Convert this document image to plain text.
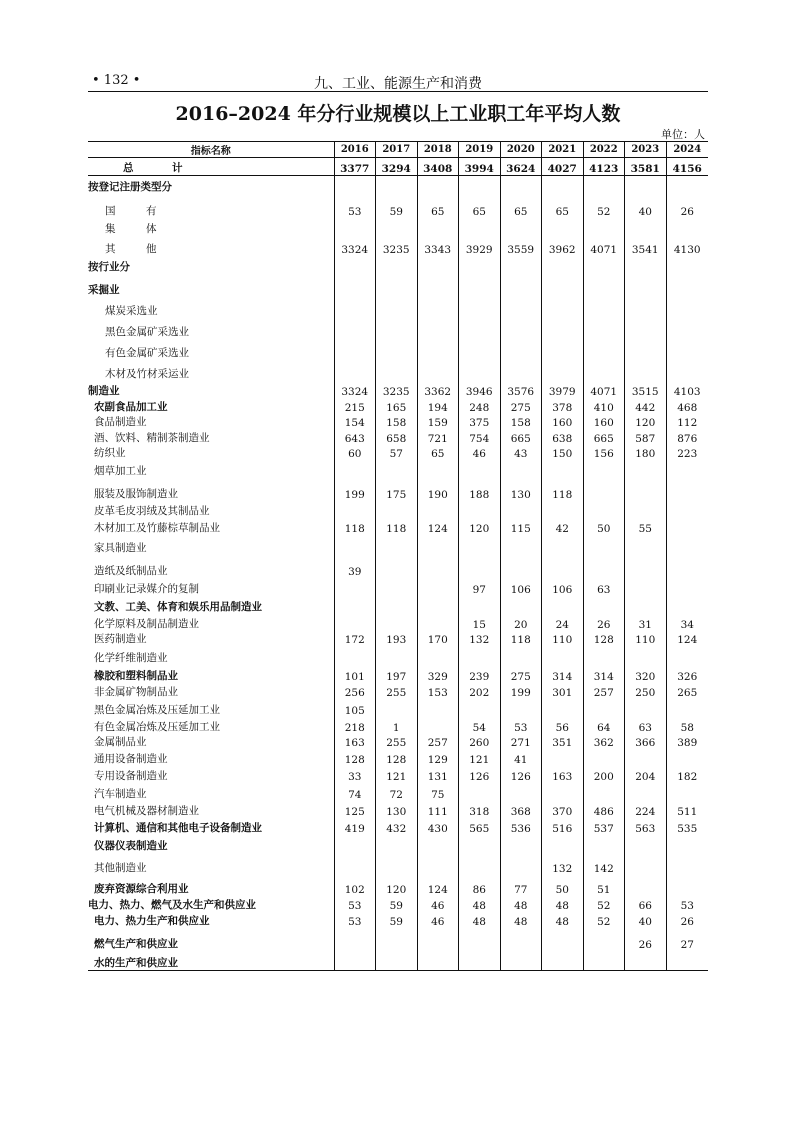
• 132 •	九、工业、能源生产和消费
2016–2024 年分行业规模以上工业职工年平均人数
单位：人
指标名称	2016	2017	2018	2019	2020	2021	2022	2023	2024
总　计	3377	3294	3408	3994	3624	4027	4123	3581	4156
按登记注册类型分									
国　有	53	59	65	65	65	65	52	40	26
集　体									
其　他	3324	3235	3343	3929	3559	3962	4071	3541	4130
按行业分									
采掘业									
煤炭采选业									
黑色金属矿采选业									
有色金属矿采选业									
木材及竹材采运业									
制造业	3324	3235	3362	3946	3576	3979	4071	3515	4103
农副食品加工业	215	165	194	248	275	378	410	442	468
食品制造业	154	158	159	375	158	160	160	120	112
酒、饮料、精制茶制造业	643	658	721	754	665	638	665	587	876
纺织业	60	57	65	46	43	150	156	180	223
烟草加工业									
服装及服饰制造业	199	175	190	188	130	118			
皮革毛皮羽绒及其制品业									
木材加工及竹藤棕草制品业	118	118	124	120	115	42	50	55	
家具制造业									
造纸及纸制品业	39								
印刷业记录媒介的复制				97	106	106	63		
文教、工美、体育和娱乐用品制造业									
化学原料及制品制造业				15	20	24	26	31	34
医药制造业	172	193	170	132	118	110	128	110	124
化学纤维制造业									
橡胶和塑料制品业	101	197	329	239	275	314	314	320	326
非金属矿物制品业	256	255	153	202	199	301	257	250	265
黑色金属冶炼及压延加工业	105								
有色金属冶炼及压延加工业	218	1		54	53	56	64	63	58
金属制品业	163	255	257	260	271	351	362	366	389
通用设备制造业	128	128	129	121	41				
专用设备制造业	33	121	131	126	126	163	200	204	182
汽车制造业	74	72	75						
电气机械及器材制造业	125	130	111	318	368	370	486	224	511
计算机、通信和其他电子设备制造业	419	432	430	565	536	516	537	563	535
仪器仪表制造业									
其他制造业						132	142		
废弃资源综合利用业	102	120	124	86	77	50	51		
电力、热力、燃气及水生产和供应业	53	59	46	48	48	48	52	66	53
电力、热力生产和供应业	53	59	46	48	48	48	52	40	26
燃气生产和供应业								26	27
水的生产和供应业									
